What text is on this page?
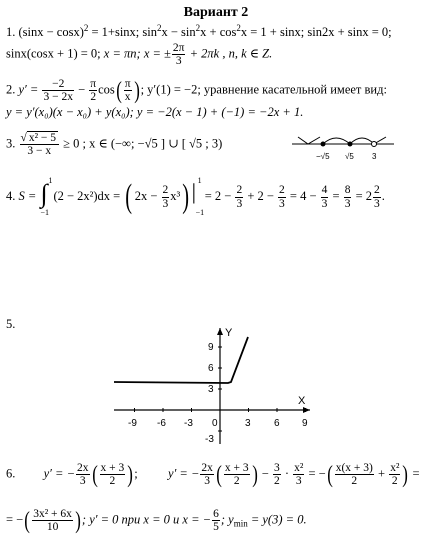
Вариант 2
1. $(\sin x - \cos x)^2 = 1+\sin x$; $\sin^2x - \sin^2x + \cos^2x = 1 + \sin x$; sin2x + sinx = 0;
sinx(cosx + 1) = 0; x = πn; x = ± $\frac{2\pi}{3} + 2\pi k$ , n, k ∈ Z.
2. $y' = \frac{-2}{3 - 2x} - \frac{\pi}{2} \cos( \frac{\pi}{x}$ ); y′(1) = −2; уравнение касательной имеет вид:
y = y′(x₀)(x − x₀) + y(x₀); y = −2(x − 1) + (−1) = −2x + 1.
3. $\frac{\text{√ x² − 5}}{3 - x} \ge 0$ ; x ∈ (−∞; −√5 ] ∪ [ √5 ; 3)
−√5 √5 3
4. S = ∫ 1
−1
(2 − 2x²)dx = ( $2x - \frac{2}{3} x^3$) | 1
−1
= $2 - \frac{2}{3} + 2 - \frac{2}{3} = 4 - \frac{4}{3} = \frac{8}{3} = 2 \frac{2}{3}$ .
5.
-9 -6 -3 0	3 6 9
9
6
3
-3
Y
X
6. y′ = − $\frac{2x}{3}$ ( $\frac{x + 3}{2}$ ); y′ = − $\frac{2x}{3}$ ( $\frac{x + 3}{2}$ ) − $\frac{3}{2} \cdot \frac{\text{x²}}{3}$ = −( $\frac{x(x + 3)}{2} + \frac{\text{x²}}{2}$ ) =
= −( $\frac{\text{3x² + 6x}}{10}$ ); y′ = 0 при x = 0 и x = − $\frac{6}{5}$ ; $y_{min} = y(3) = 0$.
